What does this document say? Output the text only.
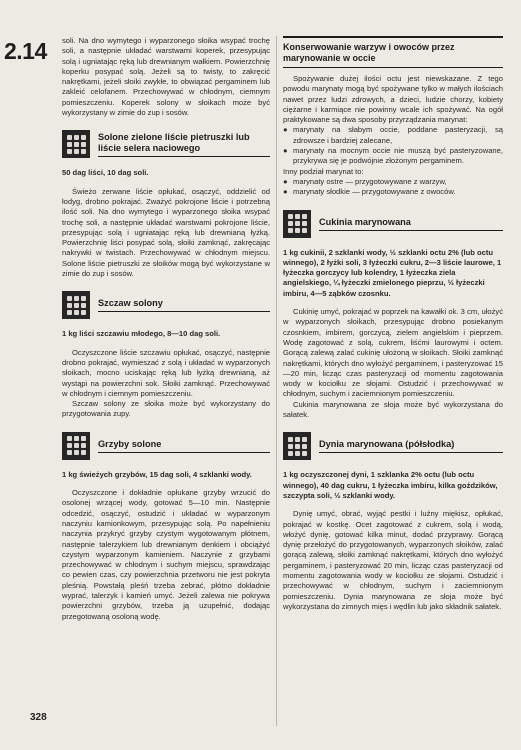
2.14
328

soli. Na dno wymytego i wyparzonego słoika wsypać trochę soli, a następnie układać warstwami koperek, przesypując solą i ugniatając ręką lub drewnianym wałkiem. Powierzchnię koperku posypać solą. Jeżeli są to twisty, to zakręcić nakrętkami, jeżeli słoiki zwykłe, to obwiązać pergaminem lub zakleić celofanem. Przechowywać w chłodnym, ciemnym pomieszczeniu. Koperek solony w słoikach może być wykorzystany w zimie do zup i sosów.

Solone zielone liście pietruszki lub liście selera naciowego
50 dag liści, 10 dag soli.

Świeżo zerwane liście opłukać, osączyć, oddzielić od łodyg, drobno pokrajać. Zważyć pokrojone liście i potrzebną ilość soli. Na dno wymytego i wyparzonego słoika wsypać trochę soli, a następnie układać warstwami pokrojone liście, przesypując solą i ugniatając ręką lub drewnianą łyżką. Powierzchnię liści posypać solą, słoiki zamknąć, zakręcając nakrywki w twistach. Przechowywać w chłodnym miejscu. Solone liście pietruszki ze słoików mogą być wykorzystane w zimie do zup i sosów.

Szczaw solony
1 kg liści szczawiu młodego, 8—10 dag soli.

Oczyszczone liście szczawiu opłukać, osączyć, następnie drobno pokrajać, wymieszać z solą i układać w wyparzonych słoikach, mocno uciskając ręką lub łyżką drewnianą, aż wystąpi na powierzchni sok. Słoiki zamknąć. Przechowywać w chłodnym i ciemnym pomieszczeniu.

Szczaw solony ze słoika może być wykorzystany do przygotowania zupy.

Grzyby solone
1 kg świeżych grzybów, 15 dag soli, 4 szklanki wody.

Oczyszczone i dokładnie opłukane grzyby wrzucić do osolonej wrzącej wody, gotować 5—10 min. Następnie odcedzić, osączyć, ostudzić i układać w wyparzonym naczyniu kamionkowym, przesypując solą. Po napełnieniu naczynia przykryć grzyby czystym wygotowanym płótnem, następnie talerzykiem lub drewnianym denkiem i obciążyć czystym wyparzonym kamieniem. Naczynie z grzybami przechowywać w chłodnym i suchym miejscu, sprawdzając co pewien czas, czy powierzchnia przetworu nie jest pokryta pleśnią. Powstałą pleśń trzeba zebrać, płótno dokładnie wyprać, talerzyk i kamień umyć. Jeżeli zalewa nie pokrywa powierzchni grzybów, trzeba ją uzupełnić, dodając przegotowaną osoloną wodę.

Konserwowanie warzyw i owoców przez marynowanie w occie

Spożywanie dużej ilości octu jest niewskazane. Z tego powodu marynaty mogą być spożywane tylko w małych ilościach nawet przez ludzi zdrowych, a dzieci, ludzie chorzy, kobiety ciężarne i karmiące nie powinny wcale ich spożywać. Na ogół praktykowane są dwa sposoby przyrządzania marynat:

● marynaty na słabym occie, poddane pasteryzacji, są zdrowsze i bardziej zalecane,
● marynaty na mocnym occie nie muszą być pasteryzowane, przykrywa się je podwójnie złożonym pergaminem.

Inny podział marynat to:

● marynaty ostre — przygotowywane z warzyw,
● marynaty słodkie — przygotowywane z owoców.
Cukinia marynowana
1 kg cukinii, 2 szklanki wody, ½ szklanki octu 2% (lub octu winnego), 2 łyżki soli, 3 łyżeczki cukru, 2—3 liście laurowe, 1 łyżeczka gorczycy lub kolendry, 1 łyżeczka ziela angielskiego, ¼ łyżeczki zmielonego pieprzu, ½ łyżeczki imbiru, 4—5 ząbków czosnku.

Cukinię umyć, pokrajać w poprzek na kawałki ok. 3 cm, ułożyć w wyparzonych słoikach, przesypując drobno posiekanym czosnkiem, imbirem, gorczycą, zielem angielskim i pieprzem. Wodę zagotować z solą, cukrem, liśćmi laurowymi i octem. Gorącą zalewą zalać cukinię ułożoną w słoikach. Słoiki zamknąć nakrętkami, których dno wyłożyć pergaminem, i pasteryzować 15—20 min, licząc czas pasteryzacji od momentu zagotowania wody w kociołku ze słojami. Ostudzić i przechowywać w chłodnym, suchym i zaciemnionym pomieszczeniu.

Cukinia marynowana ze słoja może być wykorzystana do sałatek.

Dynia marynowana (półsłodka)
1 kg oczyszczonej dyni, 1 szklanka 2% octu (lub octu winnego), 40 dag cukru, 1 łyżeczka imbiru, kilka goździków, szczypta soli, ½ szklanki wody.

Dynię umyć, obrać, wyjąć pestki i luźny miękisz, opłukać, pokrajać w kostkę. Ocet zagotować z cukrem, solą i wodą, włożyć dynię, gotować kilka minut, dodać przyprawy. Gorącą dynię przełożyć do przygotowanych, wyparzonych słoików, zalać gorącą zalewą, słoiki zamknąć nakrętkami, których dno wyłożyć pergaminem, i pasteryzować 20 min, licząc czas pasteryzacji od momentu zagotowania wody w kociołku ze słojami. Ostudzić i przechowywać w chłodnym, suchym i zaciemnionym pomieszczeniu. Dynia marynowana ze słoja może być wykorzystana do zimnych mięs i wędlin lub jako składnik sałatek.
